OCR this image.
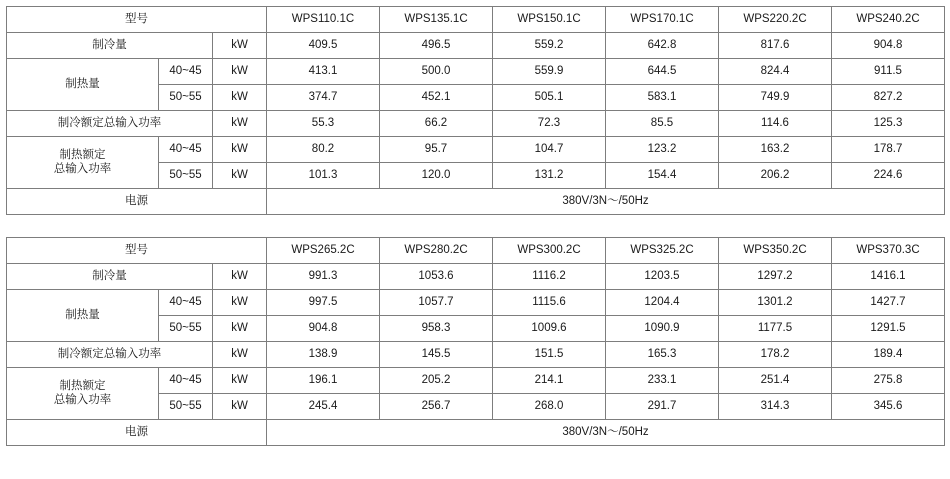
型号			WPS110.1C	WPS135.1C	WPS150.1C	WPS170.1C	WPS220.2C	WPS240.2C
制冷量		kW	409.5	496.5	559.2	642.8	817.6	904.8
制热量	40~45	kW	413.1	500.0	559.9	644.5	824.4	911.5
	50~55	kW	374.7	452.1	505.1	583.1	749.9	827.2
制冷额定总输入功率		kW	55.3	66.2	72.3	85.5	114.6	125.3

制热额定
总输入功率	40~45	kW	80.2	95.7	104.7	123.2	163.2	178.7
	50~55	kW	101.3	120.0	131.2	154.4	206.2	224.6
电源			380V/3N～/50Hz					
型号			WPS265.2C	WPS280.2C	WPS300.2C	WPS325.2C	WPS350.2C	WPS370.3C
制冷量		kW	991.3	1053.6	1116.2	1203.5	1297.2	1416.1
制热量	40~45	kW	997.5	1057.7	1115.6	1204.4	1301.2	1427.7
	50~55	kW	904.8	958.3	1009.6	1090.9	1177.5	1291.5
制冷额定总输入功率		kW	138.9	145.5	151.5	165.3	178.2	189.4

制热额定
总输入功率	40~45	kW	196.1	205.2	214.1	233.1	251.4	275.8
	50~55	kW	245.4	256.7	268.0	291.7	314.3	345.6
电源			380V/3N～/50Hz					
